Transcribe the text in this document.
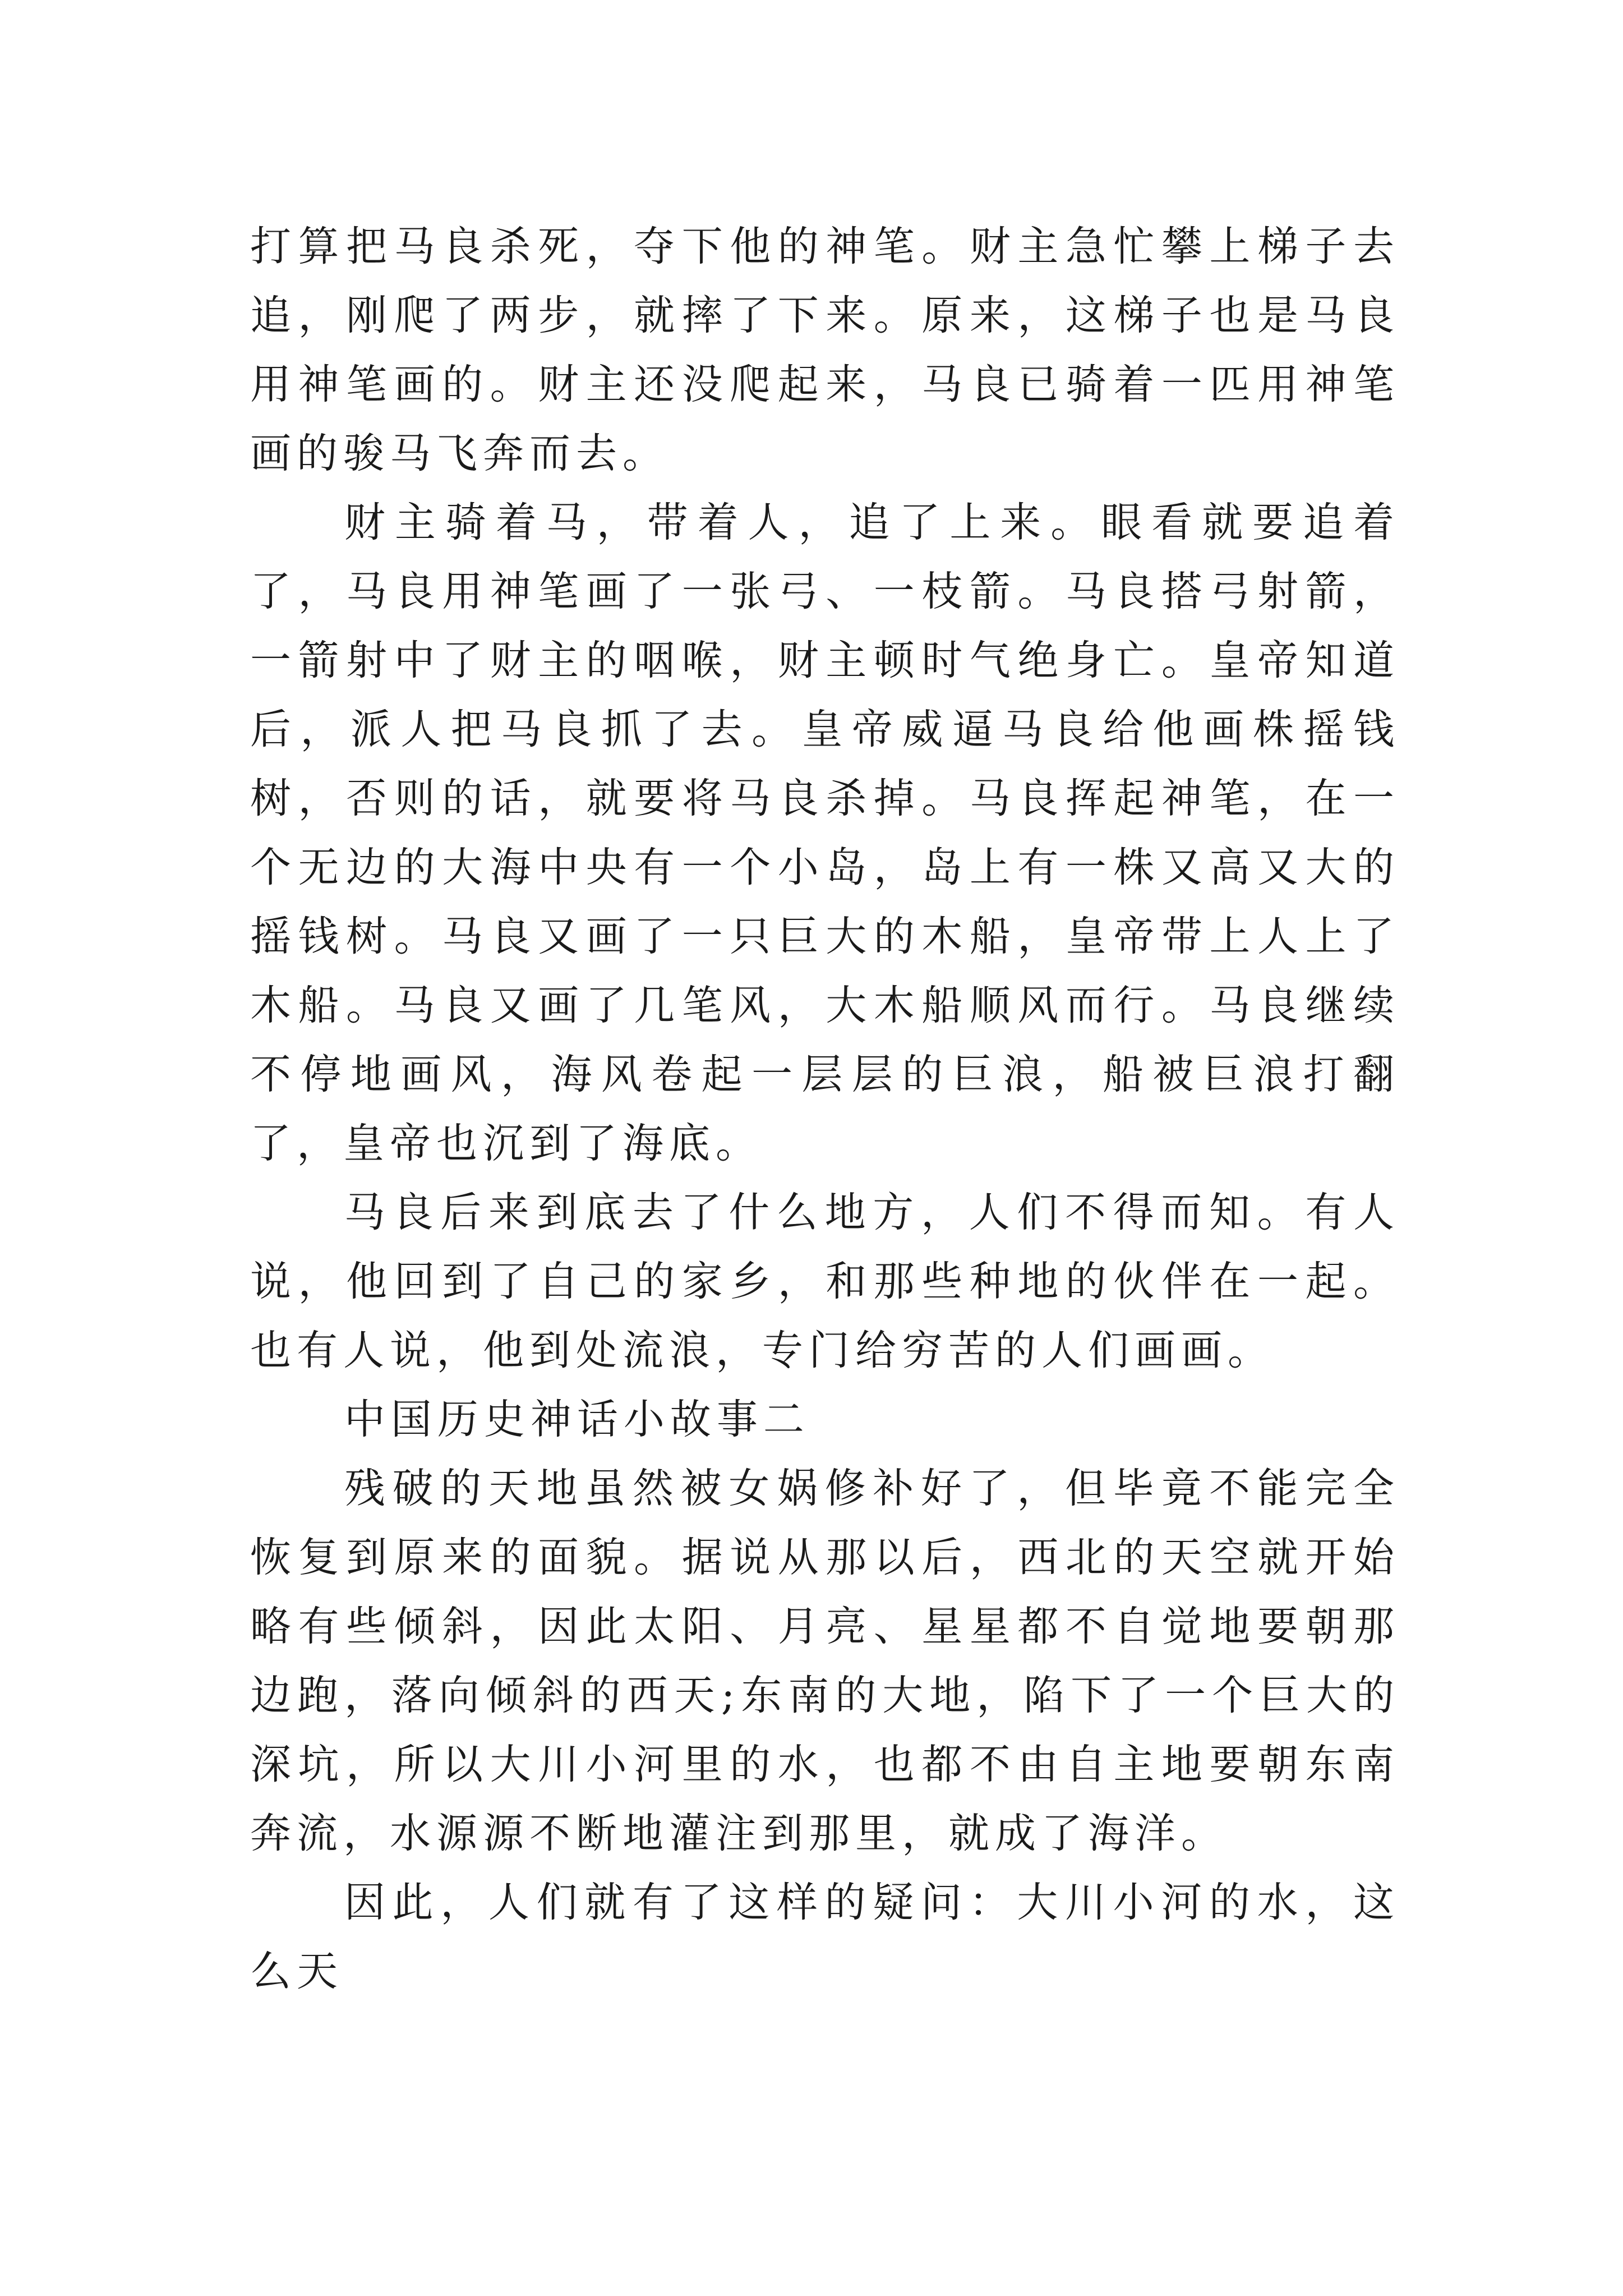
打算把马良杀死，夺下他的神笔。财主急忙攀上梯子去追，刚爬了两步，就摔了下来。原来，这梯子也是马良用神笔画的。财主还没爬起来，马良已骑着一匹用神笔画的骏马飞奔而去。

财主骑着马，带着人，追了上来。眼看就要追着了，马良用神笔画了一张弓、一枝箭。马良搭弓射箭，一箭射中了财主的咽喉，财主顿时气绝身亡。皇帝知道后，派人把马良抓了去。皇帝威逼马良给他画株摇钱树，否则的话，就要将马良杀掉。马良挥起神笔，在一个无边的大海中央有一个小岛，岛上有一株又高又大的摇钱树。马良又画了一只巨大的木船，皇帝带上人上了木船。马良又画了几笔风，大木船顺风而行。马良继续不停地画风，海风卷起一层层的巨浪，船被巨浪打翻了，皇帝也沉到了海底。

马良后来到底去了什么地方，人们不得而知。有人说，他回到了自己的家乡，和那些种地的伙伴在一起。也有人说，他到处流浪，专门给穷苦的人们画画。

中国历史神话小故事二

残破的天地虽然被女娲修补好了，但毕竟不能完全恢复到原来的面貌。据说从那以后，西北的天空就开始略有些倾斜，因此太阳、月亮、星星都不自觉地要朝那边跑，落向倾斜的西天;东南的大地，陷下了一个巨大的深坑，所以大川小河里的水，也都不由自主地要朝东南奔流，水源源不断地灌注到那里，就成了海洋。

因此，人们就有了这样的疑问：大川小河的水，这么天
